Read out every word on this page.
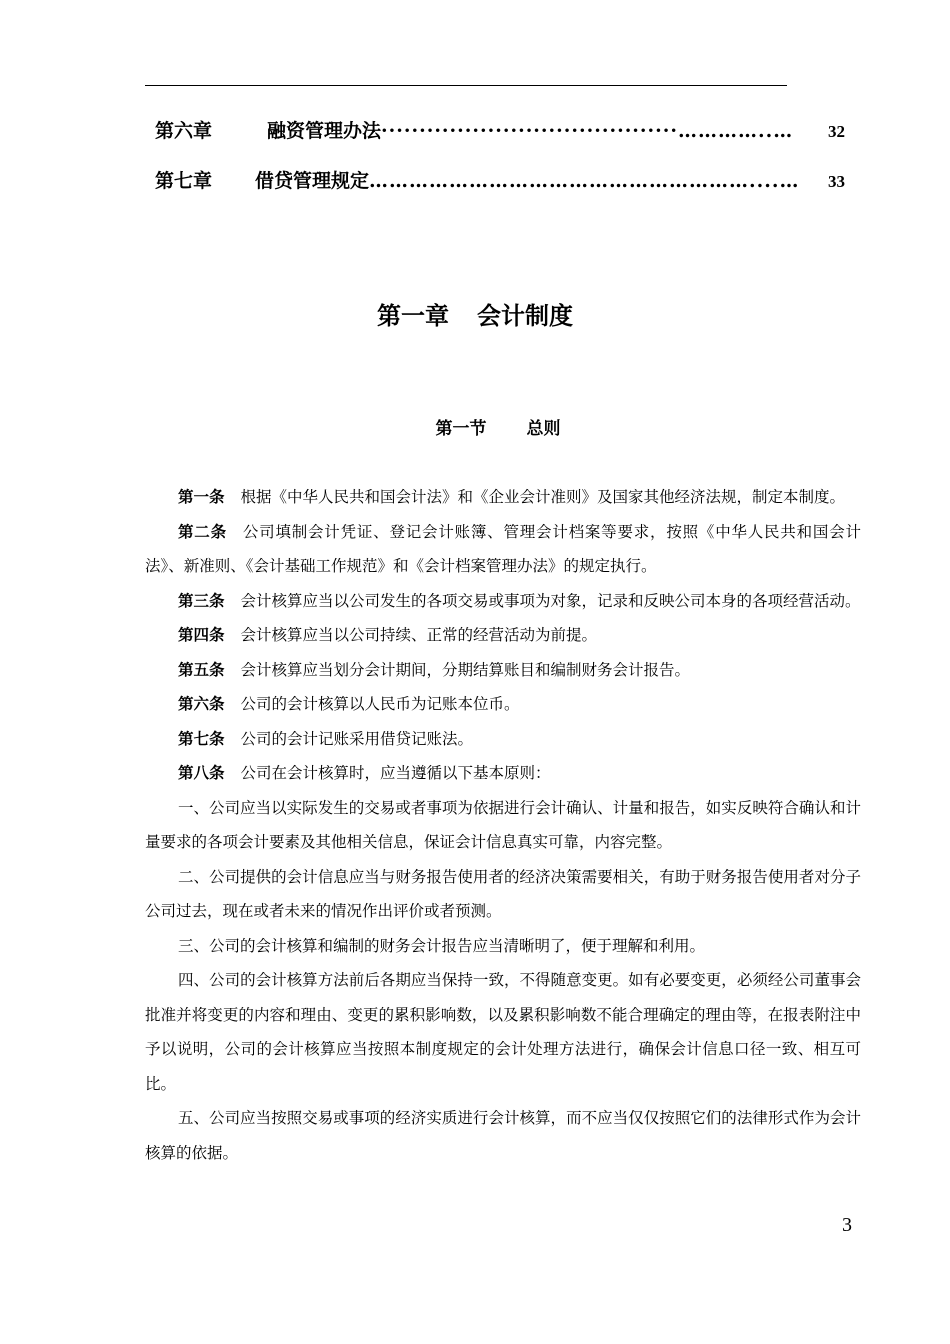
第六章	融资管理办法 ·······································…………..…	32
第七章	借贷管理规定 …………………………………………………....…	33
第一章 会计制度
第一节 总则

第一条 根据《中华人民共和国会计法》和《企业会计准则》及国家其他经济法规，制定本制度。

第二条 公司填制会计凭证、登记会计账簿、管理会计档案等要求，按照《中华人民共和国会计法》、新准则、《会计基础工作规范》和《会计档案管理办法》的规定执行。

第三条 会计核算应当以公司发生的各项交易或事项为对象，记录和反映公司本身的各项经营活动。

第四条 会计核算应当以公司持续、正常的经营活动为前提。

第五条 会计核算应当划分会计期间，分期结算账目和编制财务会计报告。

第六条 公司的会计核算以人民币为记账本位币。

第七条 公司的会计记账采用借贷记账法。

第八条 公司在会计核算时，应当遵循以下基本原则：

一、公司应当以实际发生的交易或者事项为依据进行会计确认、计量和报告，如实反映符合确认和计量要求的各项会计要素及其他相关信息，保证会计信息真实可靠，内容完整。

二、公司提供的会计信息应当与财务报告使用者的经济决策需要相关，有助于财务报告使用者对分子公司过去，现在或者未来的情况作出评价或者预测。

三、公司的会计核算和编制的财务会计报告应当清晰明了，便于理解和利用。

四、公司的会计核算方法前后各期应当保持一致，不得随意变更。如有必要变更，必须经公司董事会批准并将变更的内容和理由、变更的累积影响数，以及累积影响数不能合理确定的理由等，在报表附注中予以说明，公司的会计核算应当按照本制度规定的会计处理方法进行，确保会计信息口径一致、相互可比。

五、公司应当按照交易或事项的经济实质进行会计核算，而不应当仅仅按照它们的法律形式作为会计核算的依据。

3
